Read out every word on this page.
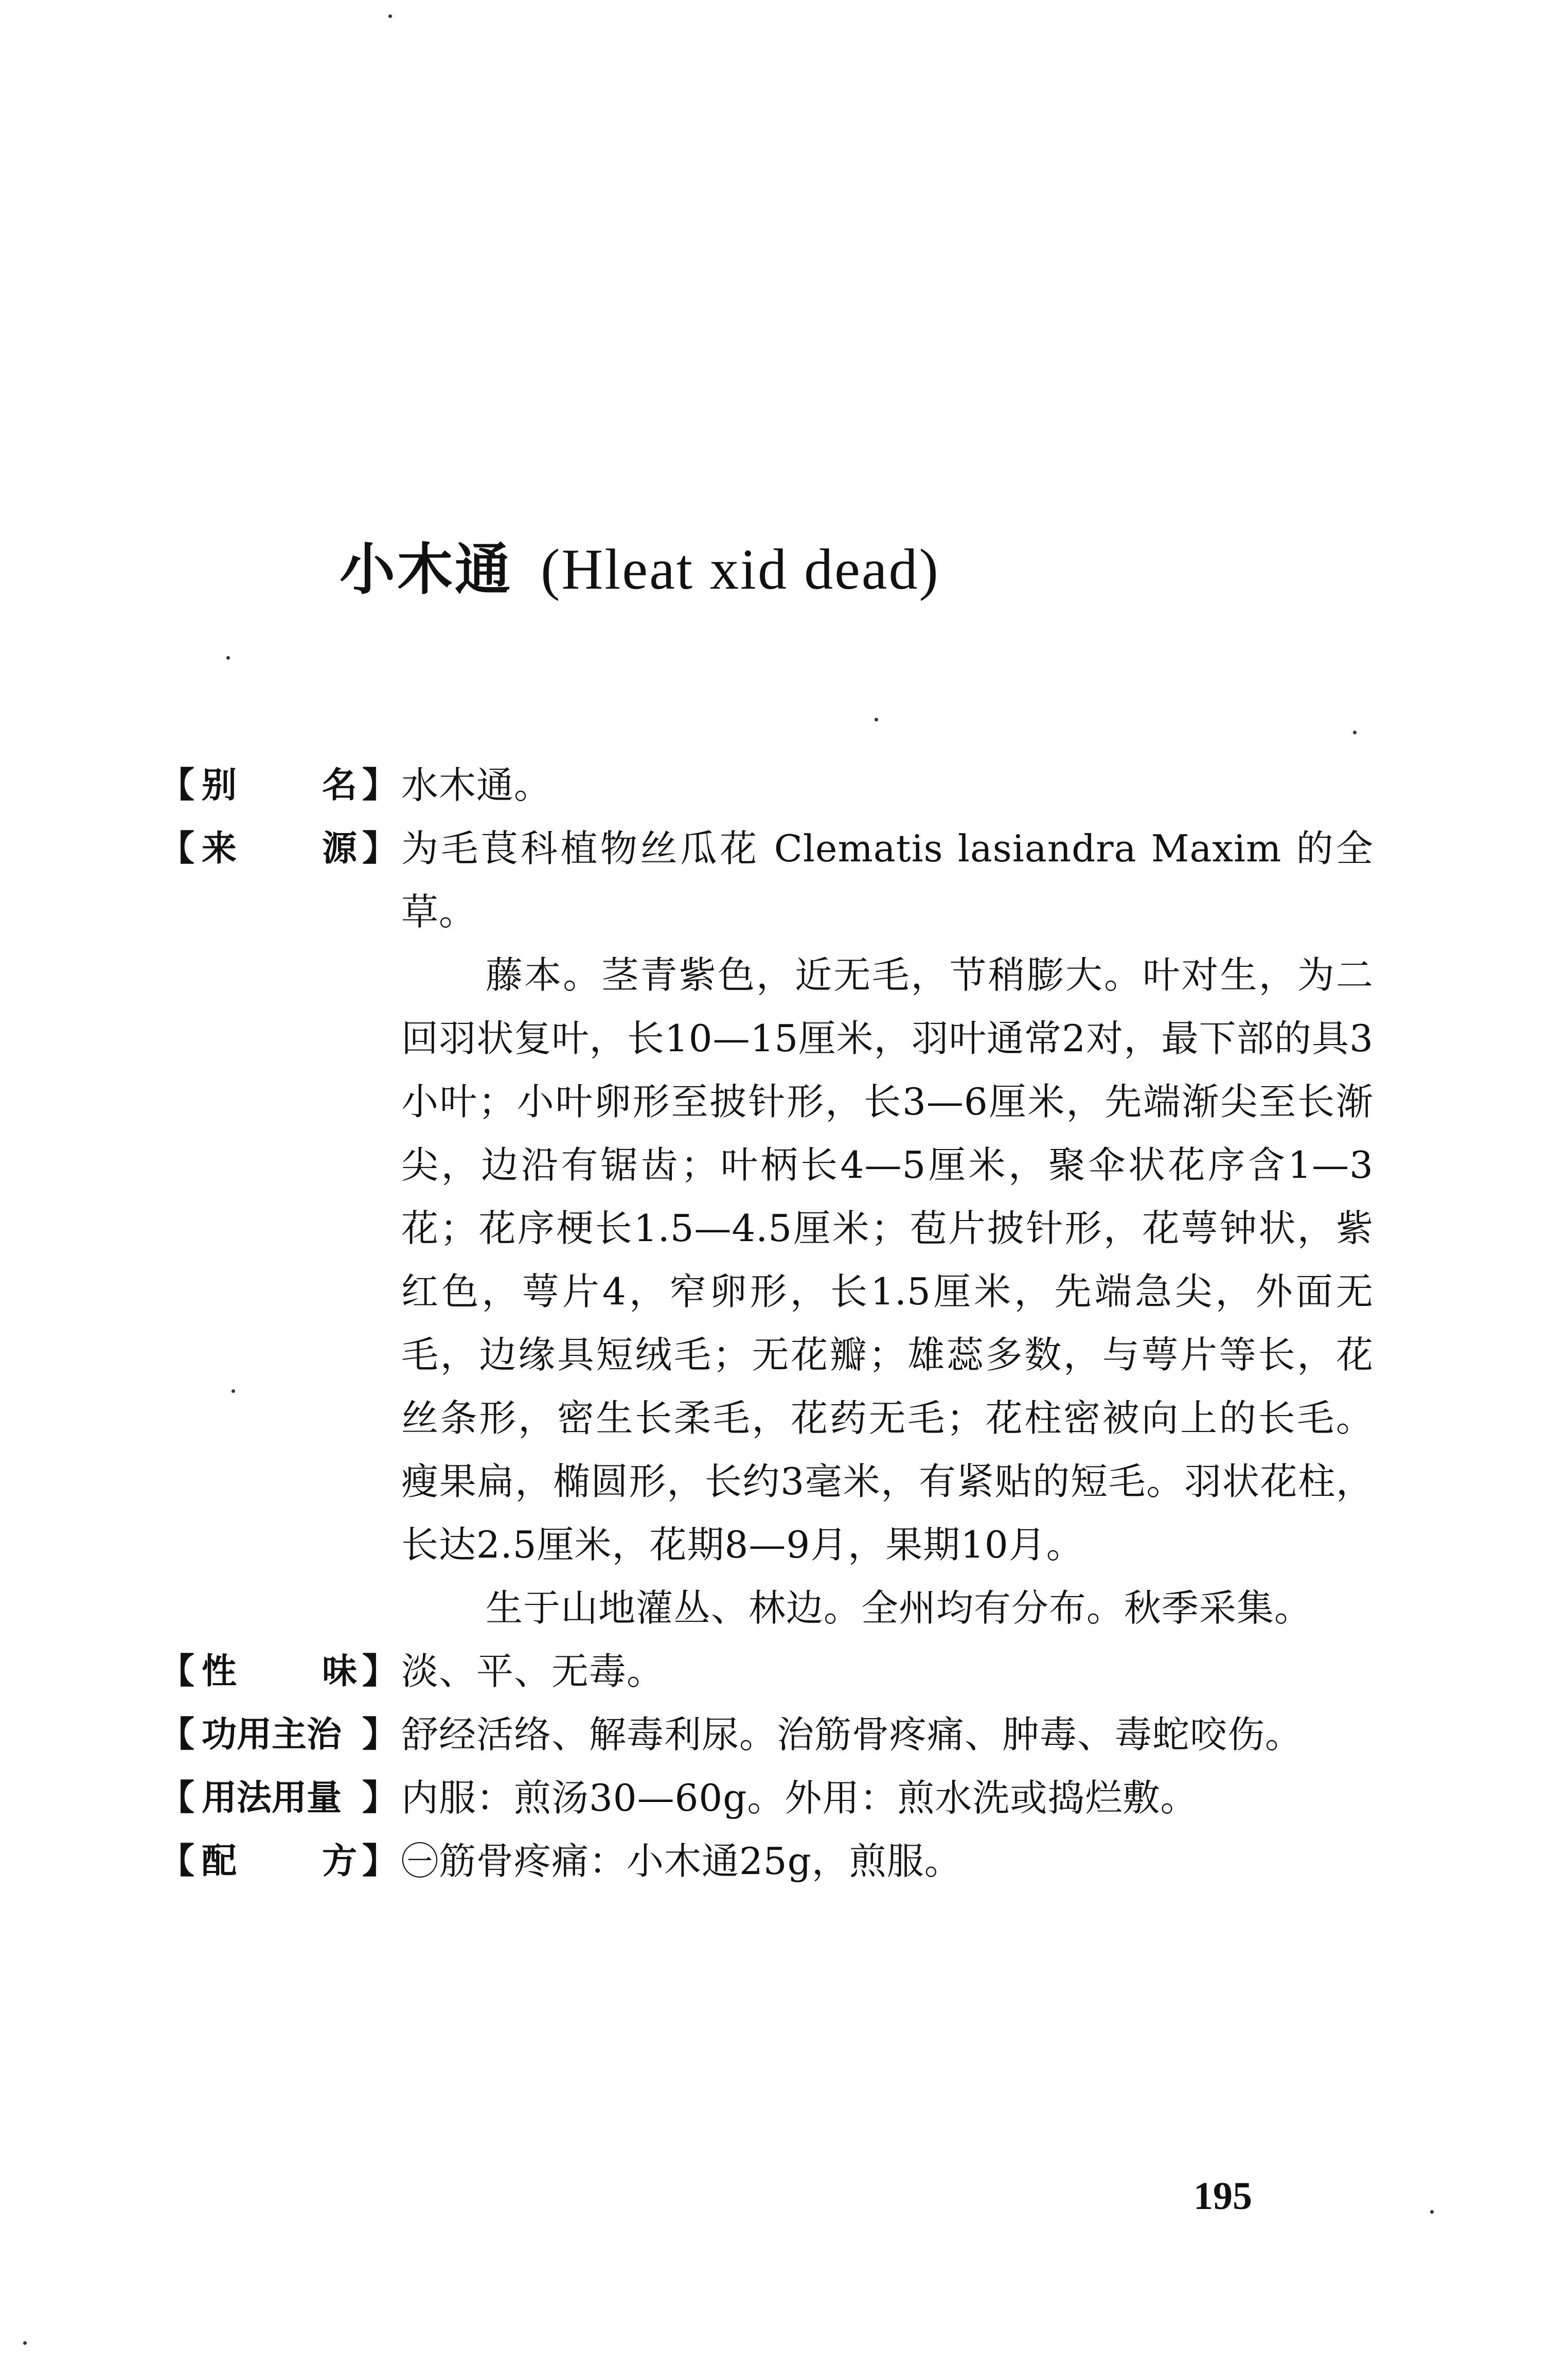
小木通 (Hleat xid dead)
【 别 名 】 水木通。

【 来 源 】 为毛茛科植物丝瓜花 Clematis lasiandra Maxim 的全草。

藤本。茎青紫色，近无毛，节稍膨大。叶对生，为二回羽状复叶，长10—15厘米，羽叶通常2对，最下部的具3小叶；小叶卵形至披针形，长3—6厘米，先端渐尖至长渐尖，边沿有锯齿；叶柄长4—5厘米，聚伞状花序含1—3花；花序梗长1.5—4.5厘米；苞片披针形，花萼钟状，紫红色，萼片4，窄卵形，长1.5厘米，先端急尖，外面无毛，边缘具短绒毛；无花瓣；雄蕊多数，与萼片等长，花丝条形，密生长柔毛，花药无毛；花柱密被向上的长毛。瘦果扁，椭圆形，长约3毫米，有紧贴的短毛。羽状花柱，长达2.5厘米，花期8—9月，果期10月。

生于山地灌丛、林边。全州均有分布。秋季采集。

【 性 味 】 淡、平、无毒。

【 功用主治 】 舒经活络、解毒利尿。治筋骨疼痛、肿毒、毒蛇咬伤。

【 用法用量 】 内服：煎汤30—60g。外用：煎水洗或捣烂敷。

【 配 方 】 ㊀筋骨疼痛：小木通25g，煎服。

195
